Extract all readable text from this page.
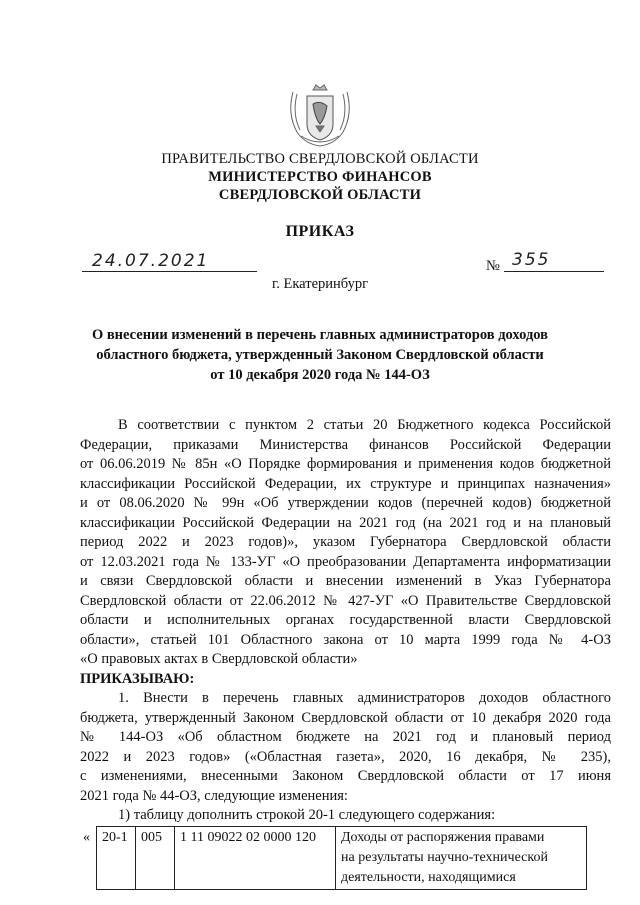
ПРАВИТЕЛЬСТВО СВЕРДЛОВСКОЙ ОБЛАСТИ
МИНИСТЕРСТВО ФИНАНСОВ
СВЕРДЛОВСКОЙ ОБЛАСТИ
ПРИКАЗ
24.07.2021	№ 355
г. Екатеринбург
О внесении изменений в перечень главных администраторов доходов
областного бюджета, утвержденный Законом Свердловской области
от 10 декабря 2020 года № 144-ОЗ
В соответствии с пунктом 2 статьи 20 Бюджетного кодекса Российской
Федерации, приказами Министерства финансов Российской Федерации
от 06.06.2019 № 85н «О Порядке формирования и применения кодов бюджетной
классификации Российской Федерации, их структуре и принципах назначения»
и от 08.06.2020 № 99н «Об утверждении кодов (перечней кодов) бюджетной
классификации Российской Федерации на 2021 год (на 2021 год и на плановый
период 2022 и 2023 годов)», указом Губернатора Свердловской области
от 12.03.2021 года № 133-УГ «О преобразовании Департамента информатизации
и связи Свердловской области и внесении изменений в Указ Губернатора
Свердловской области от 22.06.2012 № 427-УГ «О Правительстве Свердловской
области и исполнительных органах государственной власти Свердловской
области», статьей 101 Областного закона от 10 марта 1999 года № 4-ОЗ
«О правовых актах в Свердловской области»
ПРИКАЗЫВАЮ:
1. Внести в перечень главных администраторов доходов областного
бюджета, утвержденный Законом Свердловской области от 10 декабря 2020 года
№ 144-ОЗ «Об областном бюджете на 2021 год и плановый период
2022 и 2023 годов» («Областная газета», 2020, 16 декабря, № 235),
с изменениями, внесенными Законом Свердловской области от 17 июня
2021 года № 44-ОЗ, следующие изменения:
1) таблицу дополнить строкой 20-1 следующего содержания:
«	20-1	005	1 11 09022 02 0000 120	Доходы от распоряжения правами
на результаты научно-технической
деятельности, находящимися
